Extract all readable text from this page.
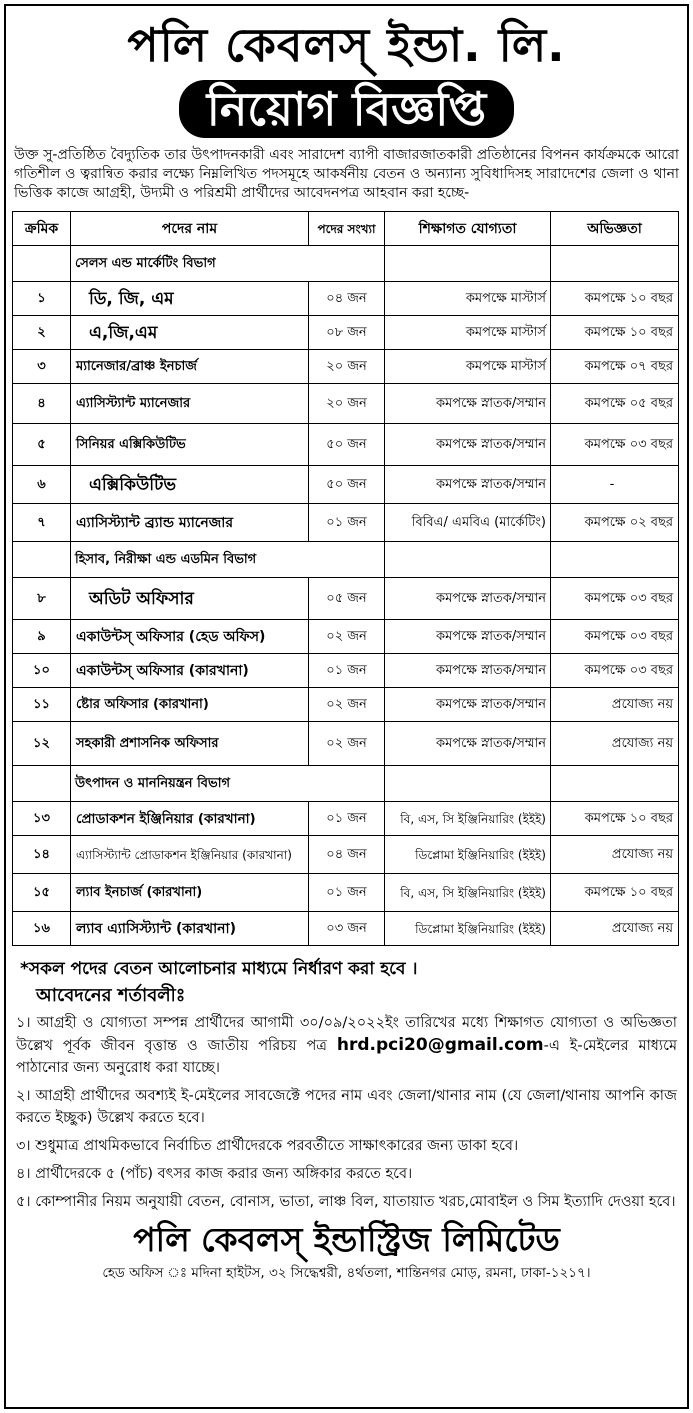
পলি কেবলস্ ইন্ডা. লি.
নিয়োগ বিজ্ঞপ্তি

উক্ত সু-প্রতিষ্ঠিত বৈদ্যুতিক তার উৎপাদনকারী এবং সারাদেশ ব্যাপী বাজারজাতকারী প্রতিষ্ঠানের বিপনন কার্যক্রমকে আরো গতিশীল ও ত্বরান্বিত করার লক্ষ্যে নিম্নলিখিত পদসমূহে আকর্ষনীয় বেতন ও অন্যান্য সুবিধাদিসহ সারাদেশের জেলা ও থানা ভিত্তিক কাজে আগ্রহী, উদ্যমী ও পরিশ্রমী প্রার্থীদের আবেদনপত্র আহবান করা হচ্ছে-

ক্রমিক	পদের নাম	পদের সংখ্যা	শিক্ষাগত যোগ্যতা	অভিজ্ঞতা
	সেলস এন্ড মার্কেটিং বিভাগ			
১	ডি, জি, এম	০৪ জন	কমপক্ষে মাস্টার্স	কমপক্ষে ১০ বছর
২	এ,জি,এম	০৮ জন	কমপক্ষে মাস্টার্স	কমপক্ষে ১০ বছর
৩	ম্যানেজার/ব্রাঞ্চ ইনচার্জ	২০ জন	কমপক্ষে মাস্টার্স	কমপক্ষে ০৭ বছর
৪	এ্যাসিস্ট্যান্ট ম্যানেজার	২০ জন	কমপক্ষে স্নাতক/সম্মান	কমপক্ষে ০৫ বছর
৫	সিনিয়র এক্সিকিউটিভ	৫০ জন	কমপক্ষে স্নাতক/সম্মান	কমপক্ষে ০৩ বছর
৬	এক্সিকিউটিভ	৫০ জন	কমপক্ষে স্নাতক/সম্মান	-
৭	এ্যাসিস্ট্যান্ট ব্র্যান্ড ম্যানেজার	০১ জন	বিবিএ/ এমবিএ (মার্কেটিং)	কমপক্ষে ০২ বছর
	হিসাব, নিরীক্ষা এন্ড এডমিন বিভাগ			
৮	অডিট অফিসার	০৫ জন	কমপক্ষে স্নাতক/সম্মান	কমপক্ষে ০৩ বছর
৯	একাউন্টস্ অফিসার (হেড অফিস)	০২ জন	কমপক্ষে স্নাতক/সম্মান	কমপক্ষে ০৩ বছর
১০	একাউন্টস্ অফিসার (কারখানা)	০১ জন	কমপক্ষে স্নাতক/সম্মান	কমপক্ষে ০৩ বছর
১১	ষ্টোর অফিসার (কারখানা)	০২ জন	কমপক্ষে স্নাতক/সম্মান	প্রযোজ্য নয়
১২	সহকারী প্রশাসনিক অফিসার	০২ জন	কমপক্ষে স্নাতক/সম্মান	প্রযোজ্য নয়
	উৎপাদন ও মাননিয়ন্ত্রন বিভাগ			
১৩	প্রোডাকশন ইঞ্জিনিয়ার (কারখানা)	০১ জন	বি, এস, সি ইঞ্জিনিয়ারিং (ইইই)	কমপক্ষে ১০ বছর
১৪	এ্যাসিস্ট্যান্ট প্রোডাকশন ইঞ্জিনিয়ার (কারখানা)	০৪ জন	ডিপ্লোমা ইঞ্জিনিয়ারিং (ইইই)	প্রযোজ্য নয়
১৫	ল্যাব ইনচার্জ (কারখানা)	০১ জন	বি, এস, সি ইঞ্জিনিয়ারিং (ইইই)	কমপক্ষে ১০ বছর
১৬	ল্যাব এ্যাসিস্ট্যান্ট (কারখানা)	০৩ জন	ডিপ্লোমা ইঞ্জিনিয়ারিং (ইইই)	প্রযোজ্য নয়
*সকল পদের বেতন আলোচনার মাধ্যমে নির্ধারণ করা হবে ।
আবেদনের শর্তাবলীঃ

১। আগ্রহী ও যোগ্যতা সম্পন্ন প্রার্থীদের আগামী ৩০/০৯/২০২২ইং তারিখের মধ্যে শিক্ষাগত যোগ্যতা ও অভিজ্ঞতা উল্লেখ পূর্বক জীবন বৃত্তান্ত ও জাতীয় পরিচয় পত্র hrd.pci20@gmail.com-এ ই-মেইলের মাধ্যমে পাঠানোর জন্য অনুরোধ করা যাচ্ছে।

২। আগ্রহী প্রার্থীদের অবশ্যই ই-মেইলের সাবজেক্টে পদের নাম এবং জেলা/থানার নাম (যে জেলা/থানায় আপনি কাজ করতে ইচ্ছুক) উল্লেখ করতে হবে।

৩। শুধুমাত্র প্রাথমিকভাবে নির্বাচিত প্রার্থীদেরকে পরবর্তীতে সাক্ষাৎকারের জন্য ডাকা হবে।

৪। প্রার্থীদেরকে ৫ (পাঁচ) বৎসর কাজ করার জন্য অঙ্গিকার করতে হবে।

৫। কোম্পানীর নিয়ম অনুযায়ী বেতন, বোনাস, ভাতা, লাঞ্চ বিল, যাতায়াত খরচ,মোবাইল ও সিম ইত্যাদি দেওয়া হবে।

পলি কেবলস্ ইন্ডাস্ট্রিজ লিমিটেড
হেড অফিস ঃ মদিনা হাইটস, ৩২ সিদ্ধেশ্বরী, ৪র্থতলা, শান্তিনগর মোড়, রমনা, ঢাকা-১২১৭।
